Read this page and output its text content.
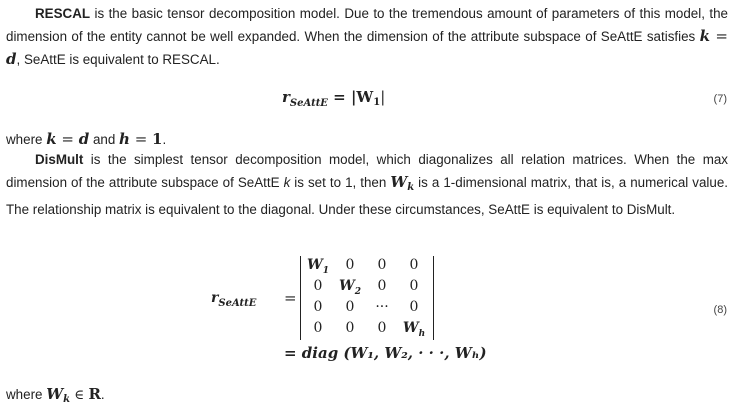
RESCAL is the basic tensor decomposition model. Due to the tremendous amount of parameters of this model, the dimension of the entity cannot be well expanded. When the dimension of the attribute subspace of SeAttE satisfies k = d, SeAttE is equivalent to RESCAL.

$r_{SeAttE} = |W_1|$	(7)

where k = d and h = 1.

DisMult is the simplest tensor decomposition model, which diagonalizes all relation matrices. When the max dimension of the attribute subspace of SeAttE k is set to 1, then $W_k$ is a 1-dimensional matrix, that is, a numerical value. The relationship matrix is equivalent to the diagonal. Under these circumstances, SeAttE is equivalent to DisMult.

$r_{SeAttE}$ =
$W_1$	0	0	0
0	$W_2$	0	0
0	0	···	0
0	0	0	$W_h$
= diag (W₁, W₂, · · ·, Wₕ)
(8)

where $W_k$ ∈ R.
